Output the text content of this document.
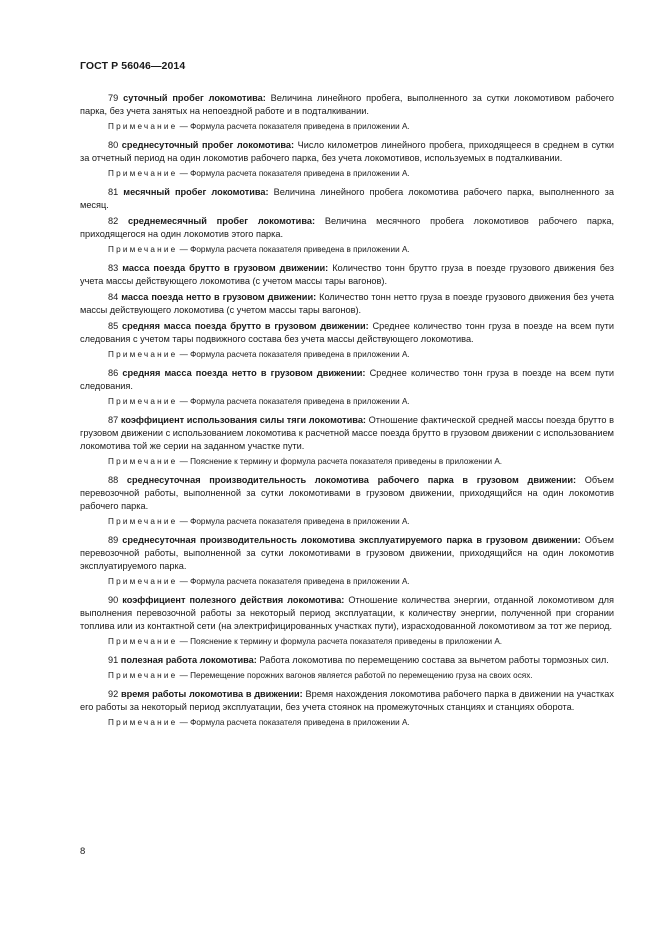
ГОСТ Р 56046—2014

79 суточный пробег локомотива: Величина линейного пробега, выполненного за сутки локомотивом рабочего парка, без учета занятых на непоездной работе и в подталкивании.

Примечание — Формула расчета показателя приведена в приложении А.

80 среднесуточный пробег локомотива: Число километров линейного пробега, приходящееся в среднем в сутки за отчетный период на один локомотив рабочего парка, без учета локомотивов, используемых в подталкивании.

Примечание — Формула расчета показателя приведена в приложении А.

81 месячный пробег локомотива: Величина линейного пробега локомотива рабочего парка, выполненного за месяц.

82 среднемесячный пробег локомотива: Величина месячного пробега локомотивов рабочего парка, приходящегося на один локомотив этого парка.

Примечание — Формула расчета показателя приведена в приложении А.

83 масса поезда брутто в грузовом движении: Количество тонн брутто груза в поезде грузового движения без учета массы действующего локомотива (с учетом массы тары вагонов).

84 масса поезда нетто в грузовом движении: Количество тонн нетто груза в поезде грузового движения без учета массы действующего локомотива (с учетом массы тары вагонов).

85 средняя масса поезда брутто в грузовом движении: Среднее количество тонн груза в поезде на всем пути следования с учетом тары подвижного состава без учета массы действующего локомотива.

Примечание — Формула расчета показателя приведена в приложении А.

86 средняя масса поезда нетто в грузовом движении: Среднее количество тонн груза в поезде на всем пути следования.

Примечание — Формула расчета показателя приведена в приложении А.

87 коэффициент использования силы тяги локомотива: Отношение фактической средней массы поезда брутто в грузовом движении с использованием локомотива к расчетной массе поезда брутто в грузовом движении с использованием локомотива той же серии на заданном участке пути.

Примечание — Пояснение к термину и формула расчета показателя приведены в приложении А.

88 среднесуточная производительность локомотива рабочего парка в грузовом движении: Объем перевозочной работы, выполненной за сутки локомотивами в грузовом движении, приходящийся на один локомотив рабочего парка.

Примечание — Формула расчета показателя приведена в приложении А.

89 среднесуточная производительность локомотива эксплуатируемого парка в грузовом движении: Объем перевозочной работы, выполненной за сутки локомотивами в грузовом движении, приходящийся на один локомотив эксплуатируемого парка.

Примечание — Формула расчета показателя приведена в приложении А.

90 коэффициент полезного действия локомотива: Отношение количества энергии, отданной локомотивом для выполнения перевозочной работы за некоторый период эксплуатации, к количеству энергии, полученной при сгорании топлива или из контактной сети (на электрифицированных участках пути), израсходованной локомотивом за тот же период.

Примечание — Пояснение к термину и формула расчета показателя приведены в приложении А.

91 полезная работа локомотива: Работа локомотива по перемещению состава за вычетом работы тормозных сил.

Примечание — Перемещение порожних вагонов является работой по перемещению груза на своих осях.

92 время работы локомотива в движении: Время нахождения локомотива рабочего парка в движении на участках его работы за некоторый период эксплуатации, без учета стоянок на промежуточных станциях и станциях оборота.

Примечание — Формула расчета показателя приведена в приложении А.

8
